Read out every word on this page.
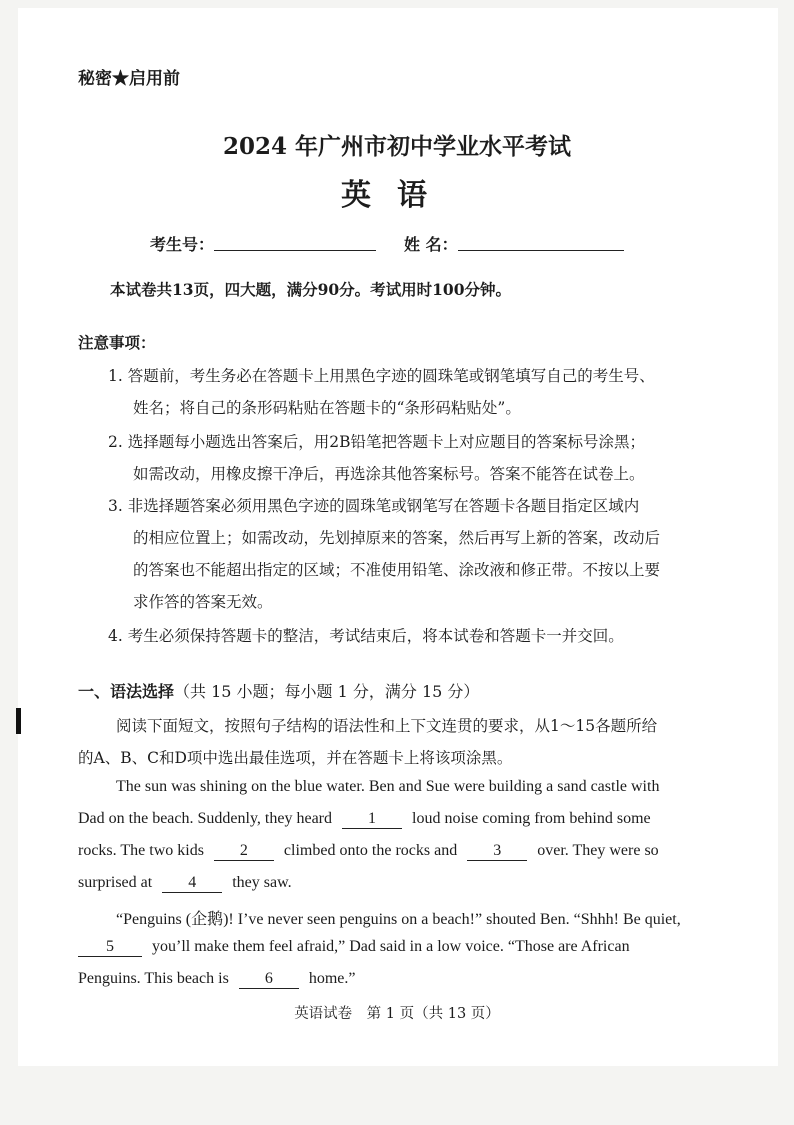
秘密★启用前
2024 年广州市初中学业水平考试
英语
考生号：	姓 名：
本试卷共13页，四大题，满分90分。考试用时100分钟。
注意事项：
1. 答题前，考生务必在答题卡上用黑色字迹的圆珠笔或钢笔填写自己的考生号、
姓名；将自己的条形码粘贴在答题卡的“条形码粘贴处”。
2. 选择题每小题选出答案后，用2B铅笔把答题卡上对应题目的答案标号涂黑；
如需改动，用橡皮擦干净后，再选涂其他答案标号。答案不能答在试卷上。
3. 非选择题答案必须用黑色字迹的圆珠笔或钢笔写在答题卡各题目指定区域内
的相应位置上；如需改动，先划掉原来的答案，然后再写上新的答案，改动后
的答案也不能超出指定的区域；不准使用铅笔、涂改液和修正带。不按以上要
求作答的答案无效。
4. 考生必须保持答题卡的整洁，考试结束后，将本试卷和答题卡一并交回。
一、语法选择（共 15 小题；每小题 1 分，满分 15 分）
阅读下面短文，按照句子结构的语法性和上下文连贯的要求，从1～15各题所给
的A、B、C和D项中选出最佳选项，并在答题卡上将该项涂黑。
The sun was shining on the blue water. Ben and Sue were building a sand castle with
Dad on the beach. Suddenly, they heard 1 loud noise coming from behind some
rocks. The two kids 2 climbed onto the rocks and 3 over. They were so
surprised at 4 they saw.
“Penguins (企鹅)! I’ve never seen penguins on a beach!” shouted Ben. “Shhh! Be quiet,
5 you’ll make them feel afraid,” Dad said in a low voice. “Those are African
Penguins. This beach is 6 home.”
英语试卷　第 1 页（共 13 页）
